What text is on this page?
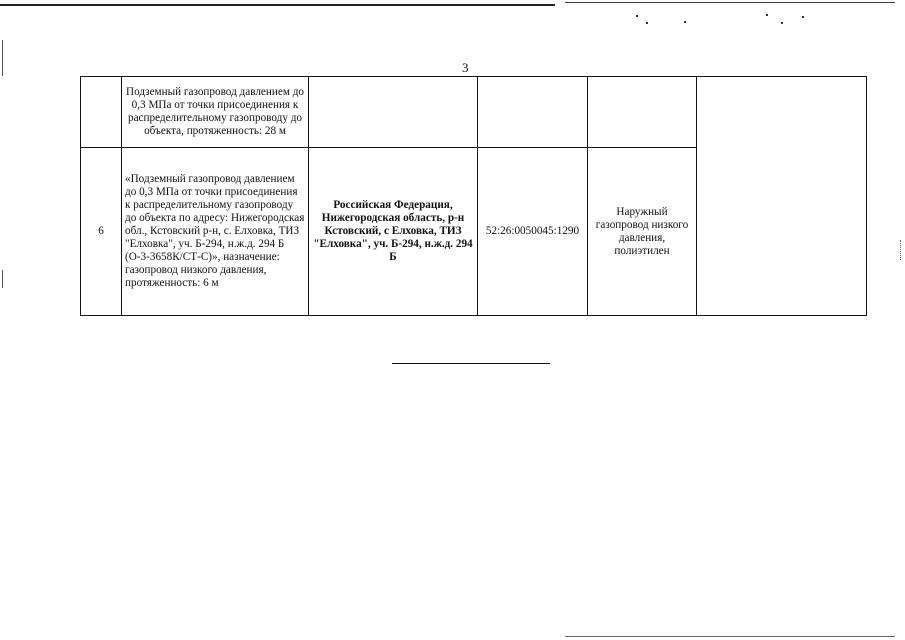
3
	Подземный газопровод давлением до 0,3 МПа от точки присоединения к распределительному газопроводу до объекта, протяженность: 28 м				
6	«Подземный газопровод давлением до 0,3 МПа от точки присоединения к распределительному газопроводу до объекта по адресу: Нижегородская обл., Кстовский р-н, с. Елховка, ТИЗ "Елховка", уч. Б-294, н.ж.д. 294 Б (О-3-3658К/СТ-С)», назначение: газопровод низкого давления, протяженность: 6 м	Российская Федерация, Нижегородская область, р-н Кстовский, с Елховка, ТИЗ "Елховка", уч. Б-294, н.ж.д. 294 Б	52:26:0050045:1290	Наружный газопровод низкого давления, полиэтилен	
